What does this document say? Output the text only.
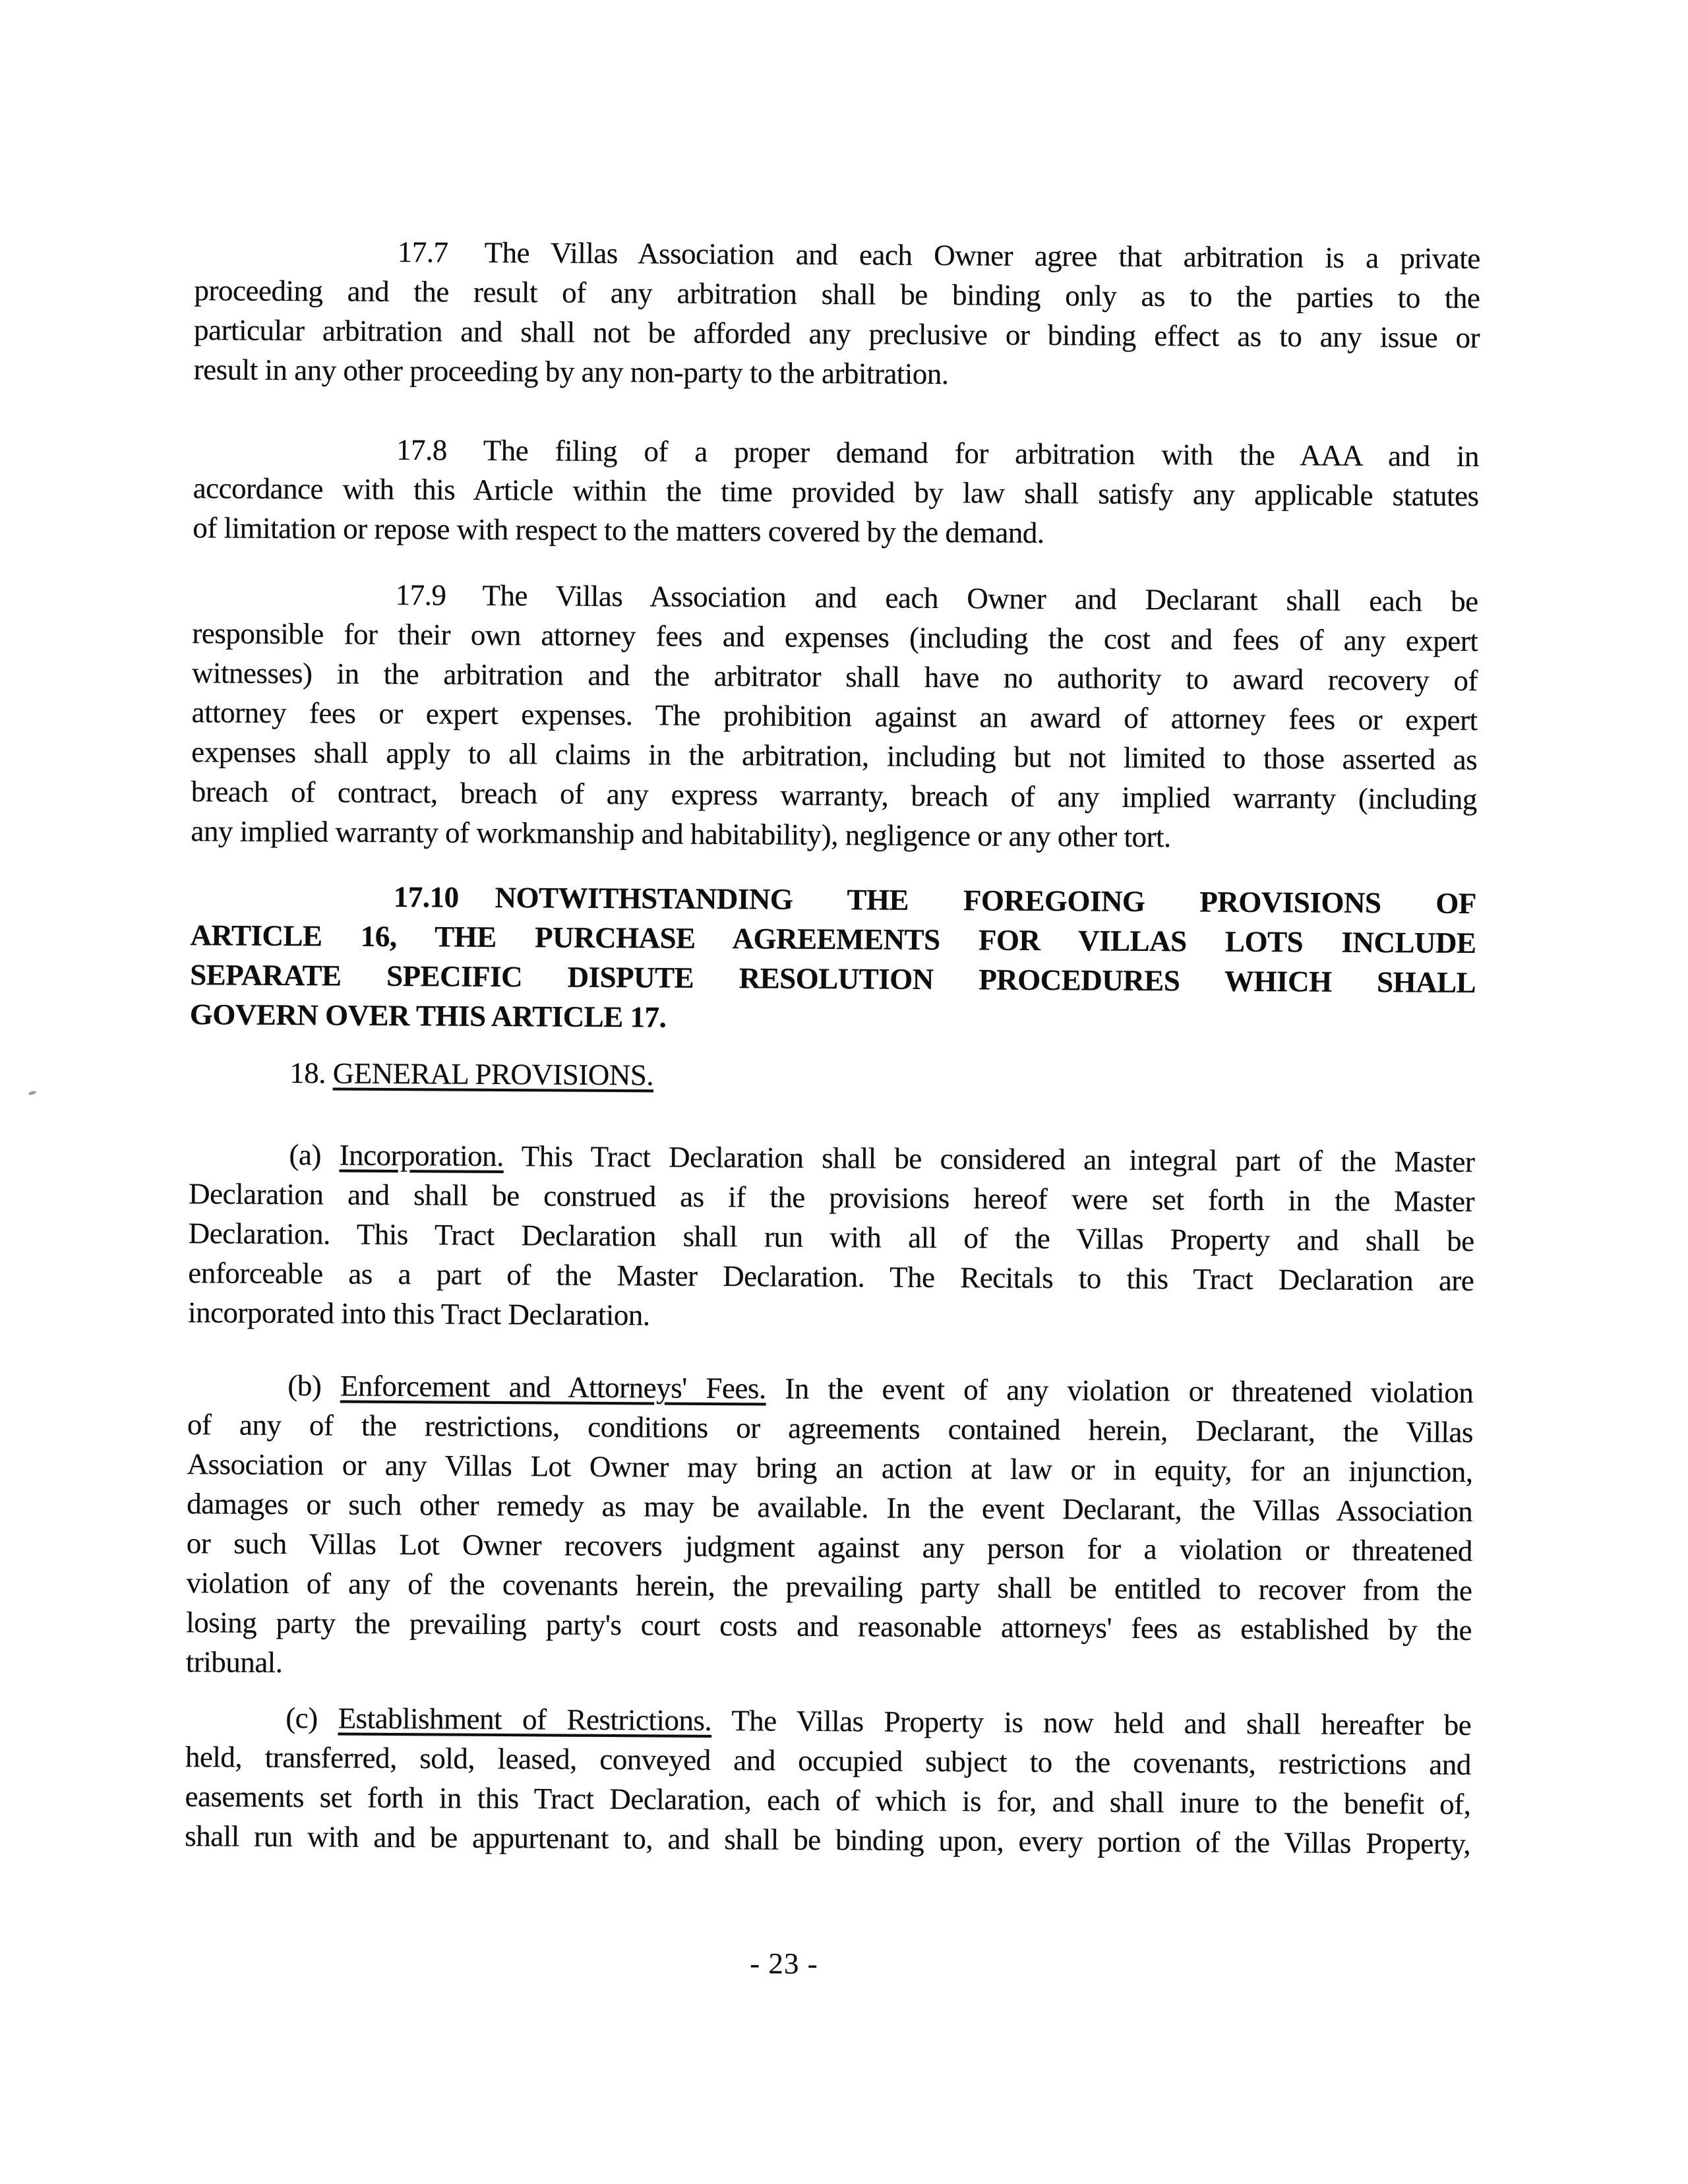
- 23 -
17.7 The Villas Association and each Owner agree that arbitration is a private
proceeding and the result of any arbitration shall be binding only as to the parties to the
particular arbitration and shall not be afforded any preclusive or binding effect as to any issue or
result in any other proceeding by any non-party to the arbitration.
17.8 The filing of a proper demand for arbitration with the AAA and in
accordance with this Article within the time provided by law shall satisfy any applicable statutes
of limitation or repose with respect to the matters covered by the demand.
17.9 The Villas Association and each Owner and Declarant shall each be
responsible for their own attorney fees and expenses (including the cost and fees of any expert
witnesses) in the arbitration and the arbitrator shall have no authority to award recovery of
attorney fees or expert expenses. The prohibition against an award of attorney fees or expert
expenses shall apply to all claims in the arbitration, including but not limited to those asserted as
breach of contract, breach of any express warranty, breach of any implied warranty (including
any implied warranty of workmanship and habitability), negligence or any other tort.
17.10 NOTWITHSTANDING THE FOREGOING PROVISIONS OF
ARTICLE 16, THE PURCHASE AGREEMENTS FOR VILLAS LOTS INCLUDE
SEPARATE SPECIFIC DISPUTE RESOLUTION PROCEDURES WHICH SHALL
GOVERN OVER THIS ARTICLE 17.
18. GENERAL PROVISIONS.
(a) Incorporation. This Tract Declaration shall be considered an integral part of the Master
Declaration and shall be construed as if the provisions hereof were set forth in the Master
Declaration. This Tract Declaration shall run with all of the Villas Property and shall be
enforceable as a part of the Master Declaration. The Recitals to this Tract Declaration are
incorporated into this Tract Declaration.
(b) Enforcement and Attorneys' Fees. In the event of any violation or threatened violation
of any of the restrictions, conditions or agreements contained herein, Declarant, the Villas
Association or any Villas Lot Owner may bring an action at law or in equity, for an injunction,
damages or such other remedy as may be available. In the event Declarant, the Villas Association
or such Villas Lot Owner recovers judgment against any person for a violation or threatened
violation of any of the covenants herein, the prevailing party shall be entitled to recover from the
losing party the prevailing party's court costs and reasonable attorneys' fees as established by the
tribunal.
(c) Establishment of Restrictions. The Villas Property is now held and shall hereafter be
held, transferred, sold, leased, conveyed and occupied subject to the covenants, restrictions and
easements set forth in this Tract Declaration, each of which is for, and shall inure to the benefit of,
shall run with and be appurtenant to, and shall be binding upon, every portion of the Villas Property,
